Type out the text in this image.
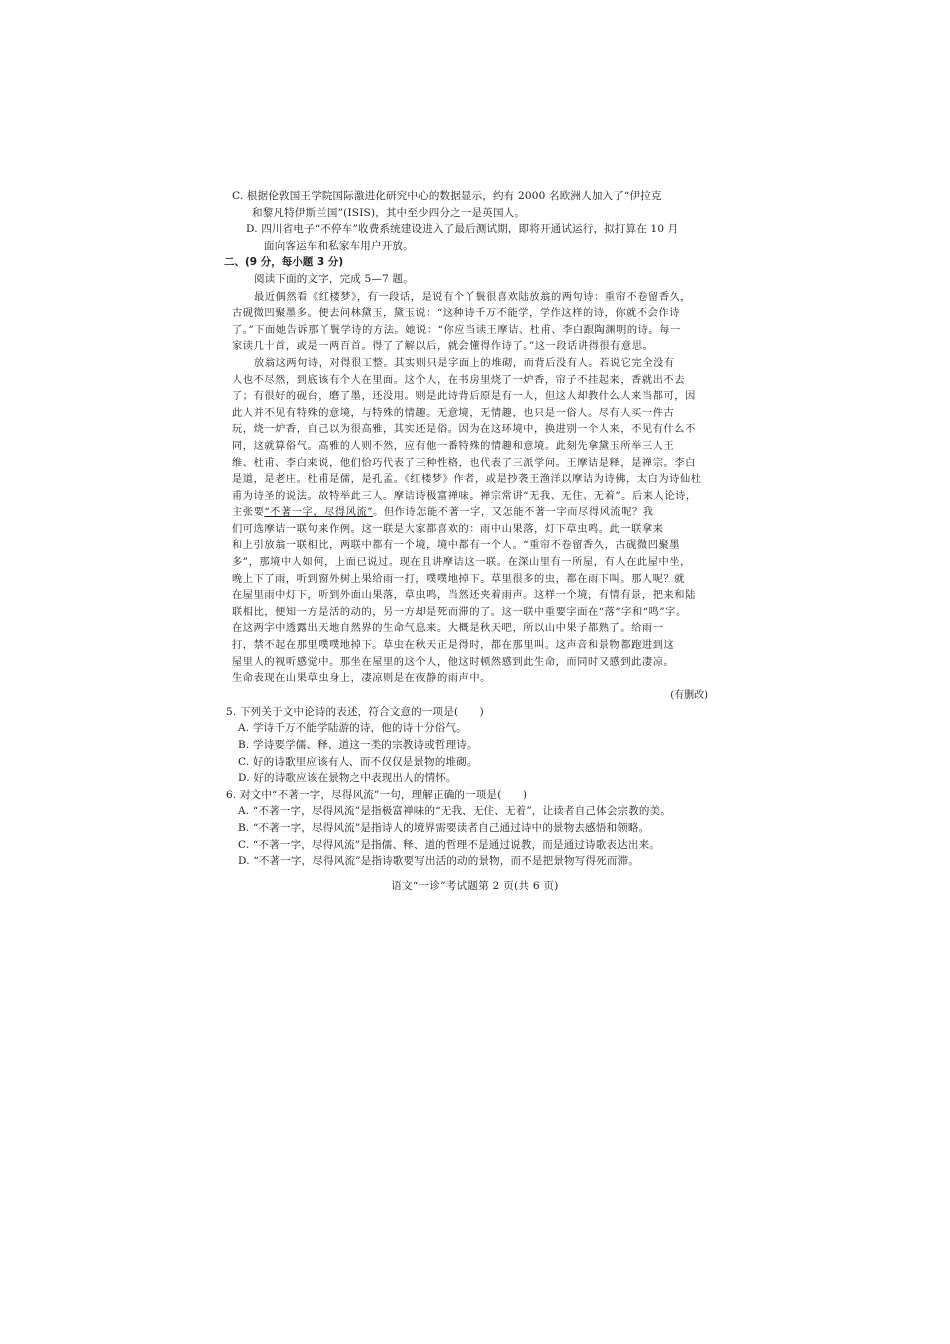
C. 根据伦敦国王学院国际激进化研究中心的数据显示，约有 2000 名欧洲人加入了“伊拉克
和黎凡特伊斯兰国”(ISIS)，其中至少四分之一是英国人。
D. 四川省电子“不停车”收费系统建设进入了最后测试期，即将开通试运行，拟打算在 10 月
面向客运车和私家车用户开放。
二、(9 分，每小题 3 分)
阅读下面的文字，完成 5—7 题。
最近偶然看《红楼梦》，有一段话，是说有个丫鬟很喜欢陆放翁的两句诗：重帘不卷留香久，
古砚微凹聚墨多。便去问林黛玉，黛玉说：“这种诗千万不能学，学作这样的诗，你就不会作诗
了。”下面她告诉那丫鬟学诗的方法。她说：“你应当读王摩诘、杜甫、李白跟陶渊明的诗。每一
家读几十首，或是一两百首。得了了解以后，就会懂得作诗了。”这一段话讲得很有意思。
放翁这两句诗，对得很工整。其实则只是字面上的堆砌，而背后没有人。若说它完全没有
人也不尽然，到底该有个人在里面。这个人，在书房里烧了一炉香，帘子不挂起来，香就出不去
了；有很好的砚台，磨了墨，还没用。则是此诗背后原是有一人，但这人却教什么人来当都可，因
此人并不见有特殊的意境，与特殊的情趣。无意境，无情趣，也只是一俗人。尽有人买一件古
玩，烧一炉香，自己以为很高雅，其实还是俗。因为在这环境中，换进别一个人来，不见有什么不
同，这就算俗气。高雅的人则不然，应有他一番特殊的情趣和意境。此刻先拿黛玉所举三人王
维、杜甫、李白来说，他们恰巧代表了三种性格，也代表了三派学问。王摩诘是释，是禅宗。李白
是道，是老庄。杜甫是儒，是孔孟。《红楼梦》作者，或是抄袭王渔洋以摩诘为诗佛，太白为诗仙杜
甫为诗圣的说法。故特举此三人。摩诘诗极富禅味。禅宗常讲“无我、无住、无着”。后来人论诗，
主张要“不著一字，尽得风流”。但作诗怎能不著一字，又怎能不著一字而尽得风流呢？我
们可选摩诘一联句来作例。这一联是大家都喜欢的：雨中山果落，灯下草虫鸣。此一联拿来
和上引放翁一联相比，两联中都有一个境，境中都有一个人。“重帘不卷留香久，古砚微凹聚墨
多”，那境中人如何，上面已说过。现在且讲摩诘这一联。在深山里有一所屋，有人在此屋中坐，
晚上下了雨，听到窗外树上果给雨一打，噗噗地掉下。草里很多的虫，都在雨下叫。那人呢？就
在屋里雨中灯下，听到外面山果落，草虫鸣，当然还夹着雨声。这样一个境，有情有景，把来和陆
联相比，便知一方是活的动的，另一方却是死而滞的了。这一联中重要字面在“落”字和“鸣”字。
在这两字中透露出天地自然界的生命气息来。大概是秋天吧，所以山中果子都熟了。给雨一
打，禁不起在那里噗噗地掉下。草虫在秋天正是得时，都在那里叫。这声音和景物都跑进到这
屋里人的视听感觉中。那坐在屋里的这个人，他这时顿然感到此生命，而同时又感到此凄凉。
生命表现在山果草虫身上，凄凉则是在夜静的雨声中。
(有删改)
5. 下列关于文中论诗的表述，符合文意的一项是(　　)
A. 学诗千万不能学陆游的诗，他的诗十分俗气。
B. 学诗要学儒、释、道这一类的宗教诗或哲理诗。
C. 好的诗歌里应该有人，而不仅仅是景物的堆砌。
D. 好的诗歌应该在景物之中表现出人的情怀。
6. 对文中“不著一字，尽得风流”一句，理解正确的一项是(　　)
A. “不著一字，尽得风流”是指极富禅味的“无我、无住、无着”，让读者自己体会宗教的美。
B. “不著一字，尽得风流”是指诗人的境界需要读者自己通过诗中的景物去感悟和领略。
C. “不著一字，尽得风流”是指儒、释、道的哲理不是通过说教，而是通过诗歌表达出来。
D. “不著一字，尽得风流”是指诗歌要写出活的动的景物，而不是把景物写得死而滞。
语文“一诊”考试题第 2 页(共 6 页)
